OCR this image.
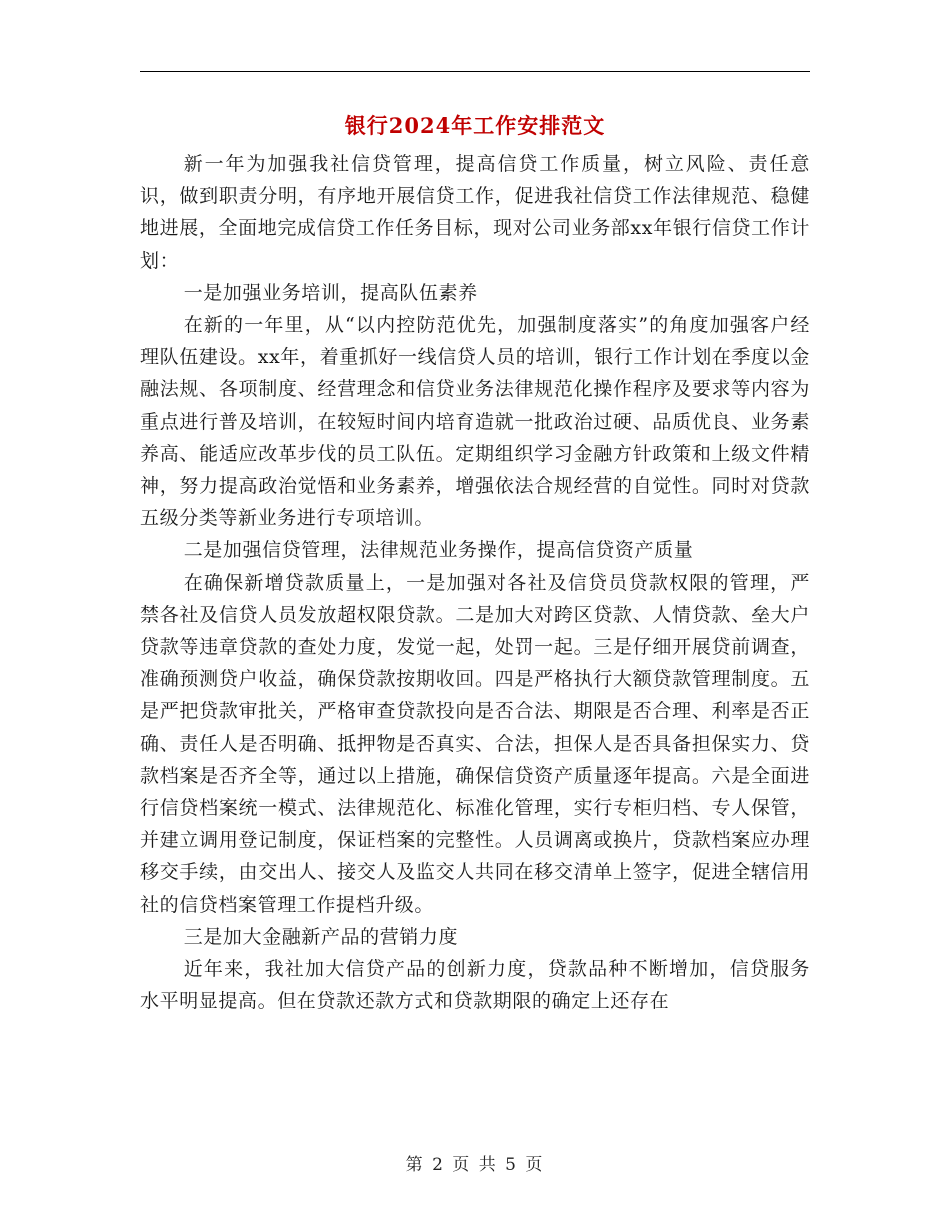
银行2024年工作安排范文

新一年为加强我社信贷管理，提高信贷工作质量，树立风险、责任意识，做到职责分明，有序地开展信贷工作，促进我社信贷工作法律规范、稳健地进展，全面地完成信贷工作任务目标，现对公司业务部xx年银行信贷工作计划：

一是加强业务培训，提高队伍素养

在新的一年里，从“以内控防范优先，加强制度落实”的角度加强客户经理队伍建设。xx年，着重抓好一线信贷人员的培训，银行工作计划在季度以金融法规、各项制度、经营理念和信贷业务法律规范化操作程序及要求等内容为重点进行普及培训，在较短时间内培育造就一批政治过硬、品质优良、业务素养高、能适应改革步伐的员工队伍。定期组织学习金融方针政策和上级文件精神，努力提高政治觉悟和业务素养，增强依法合规经营的自觉性。同时对贷款五级分类等新业务进行专项培训。

二是加强信贷管理，法律规范业务操作，提高信贷资产质量

在确保新增贷款质量上，一是加强对各社及信贷员贷款权限的管理，严禁各社及信贷人员发放超权限贷款。二是加大对跨区贷款、人情贷款、垒大户贷款等违章贷款的查处力度，发觉一起，处罚一起。三是仔细开展贷前调查，准确预测贷户收益，确保贷款按期收回。四是严格执行大额贷款管理制度。五是严把贷款审批关，严格审查贷款投向是否合法、期限是否合理、利率是否正确、责任人是否明确、抵押物是否真实、合法，担保人是否具备担保实力、贷款档案是否齐全等，通过以上措施，确保信贷资产质量逐年提高。六是全面进行信贷档案统一模式、法律规范化、标准化管理，实行专柜归档、专人保管，并建立调用登记制度，保证档案的完整性。人员调离或换片，贷款档案应办理移交手续，由交出人、接交人及监交人共同在移交清单上签字，促进全辖信用社的信贷档案管理工作提档升级。

三是加大金融新产品的营销力度

近年来，我社加大信贷产品的创新力度，贷款品种不断增加，信贷服务水平明显提高。但在贷款还款方式和贷款期限的确定上还存在

第 2 页 共 5 页
